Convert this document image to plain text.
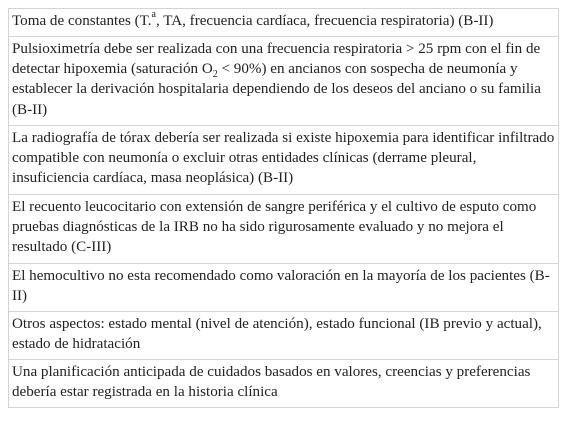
Toma de constantes (T.$^a$, TA, frecuencia cardíaca, frecuencia respiratoria) (B-II)
Pulsioximetría debe ser realizada con una frecuencia respiratoria > 25 rpm con el fin de detectar hipoxemia (saturación $O_2 < 90\%$) en ancianos con sospecha de neumonía y establecer la derivación hospitalaria dependiendo de los deseos del anciano o su familia (B-II)
La radiografía de tórax debería ser realizada si existe hipoxemia para identificar infiltrado compatible con neumonía o excluir otras entidades clínicas (derrame pleural, insuficiencia cardíaca, masa neoplásica) (B-II)
El recuento leucocitario con extensión de sangre periférica y el cultivo de esputo como pruebas diagnósticas de la IRB no ha sido rigurosamente evaluado y no mejora el resultado (C-III)
El hemocultivo no esta recomendado como valoración en la mayoría de los pacientes (B-II)
Otros aspectos: estado mental (nivel de atención), estado funcional (IB previo y actual), estado de hidratación
Una planificación anticipada de cuidados basados en valores, creencias y preferencias debería estar registrada en la historia clínica
